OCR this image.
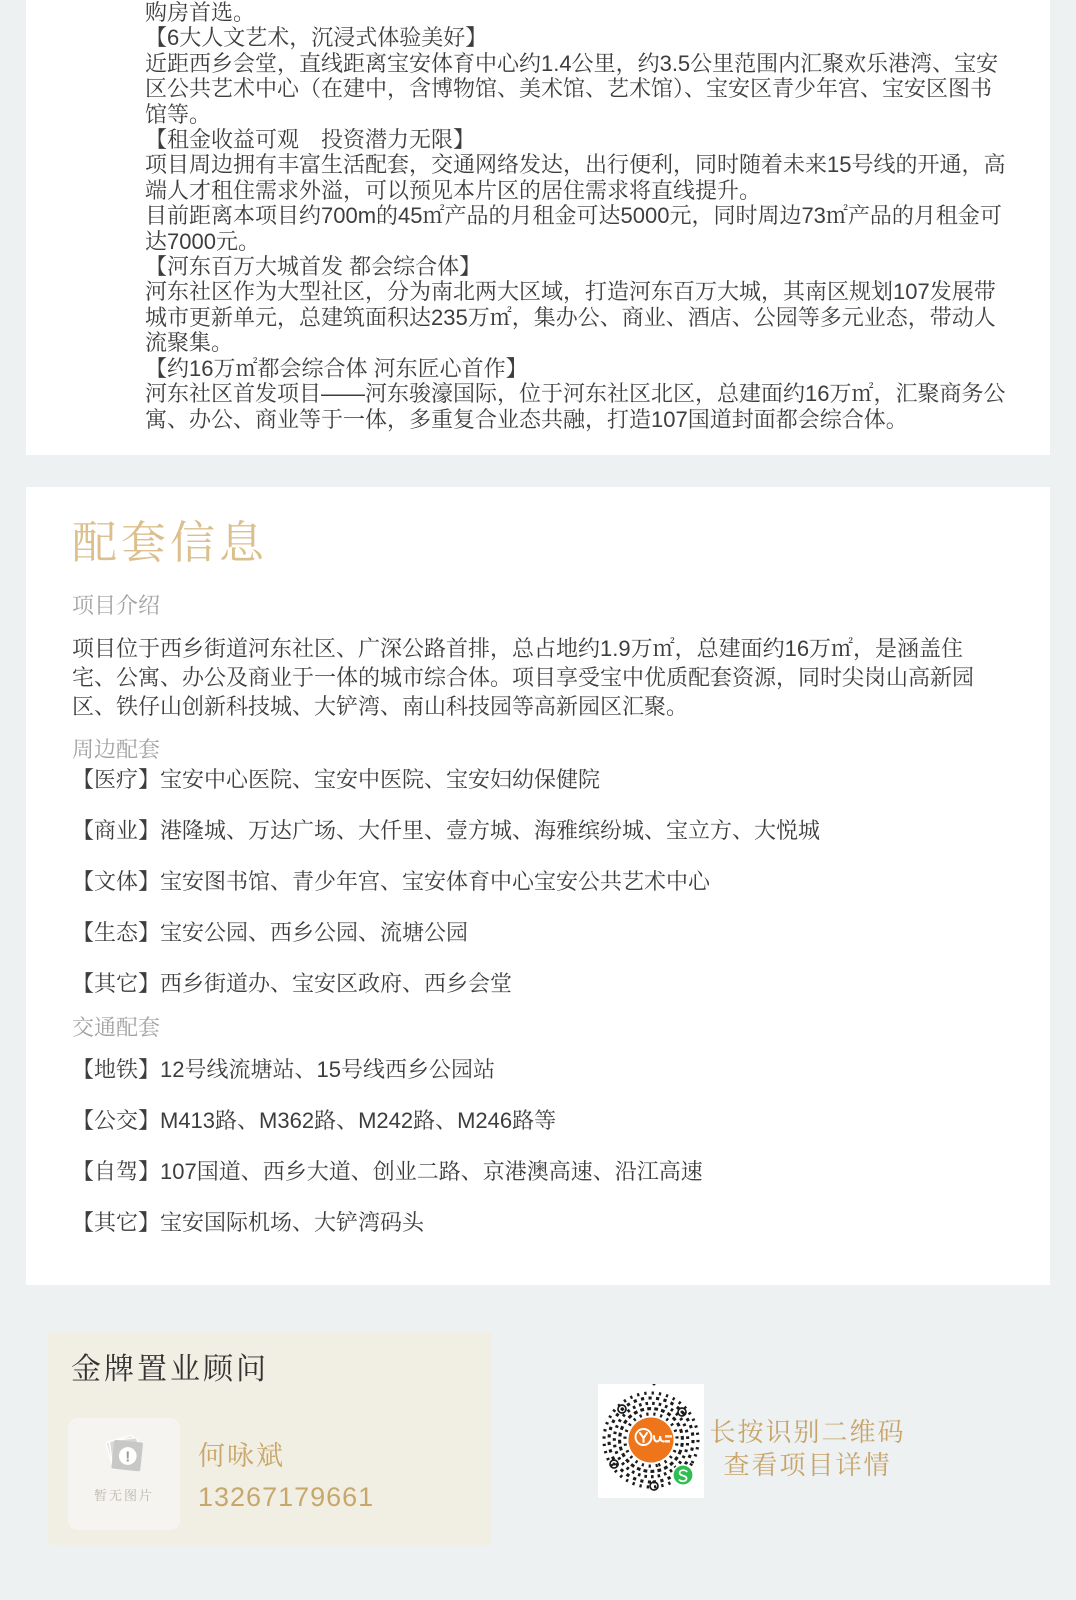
购房首选。

【6大人文艺术，沉浸式体验美好】

近距西乡会堂，直线距离宝安体育中心约1.4公里，约3.5公里范围内汇聚欢乐港湾、宝安区公共艺术中心（在建中，含博物馆、美术馆、艺术馆）、宝安区青少年宫、宝安区图书馆等。

【租金收益可观　投资潜力无限】

项目周边拥有丰富生活配套，交通网络发达，出行便利，同时随着未来15号线的开通，高端人才租住需求外溢，可以预见本片区的居住需求将直线提升。

目前距离本项目约700m的45㎡产品的月租金可达5000元，同时周边73㎡产品的月租金可达7000元。

【河东百万大城首发 都会综合体】

河东社区作为大型社区，分为南北两大区域，打造河东百万大城，其南区规划107发展带城市更新单元，总建筑面积达235万㎡，集办公、商业、酒店、公园等多元业态，带动人流聚集。

【约16万㎡都会综合体 河东匠心首作】

河东社区首发项目——河东骏濠国际，位于河东社区北区，总建面约16万㎡，汇聚商务公寓、办公、商业等于一体，多重复合业态共融，打造107国道封面都会综合体。

配套信息
项目介绍

项目位于西乡街道河东社区、广深公路首排，总占地约1.9万㎡，总建面约16万㎡，是涵盖住宅、公寓、办公及商业于一体的城市综合体。项目享受宝中优质配套资源，同时尖岗山高新园区、铁仔山创新科技城、大铲湾、南山科技园等高新园区汇聚。

周边配套
【医疗】宝安中心医院、宝安中医院、宝安妇幼保健院
【商业】港隆城、万达广场、大仟里、壹方城、海雅缤纷城、宝立方、大悦城
【文体】宝安图书馆、青少年宫、宝安体育中心宝安公共艺术中心
【生态】宝安公园、西乡公园、流塘公园
【其它】西乡街道办、宝安区政府、西乡会堂
交通配套
【地铁】12号线流塘站、15号线西乡公园站
【公交】M413路、M362路、M242路、M246路等
【自驾】107国道、西乡大道、创业二路、京港澳高速、沿江高速
【其它】宝安国际机场、大铲湾码头
金牌置业顾问
!
暂无图片
何咏斌
13267179661
长按识别二维码
查看项目详情
